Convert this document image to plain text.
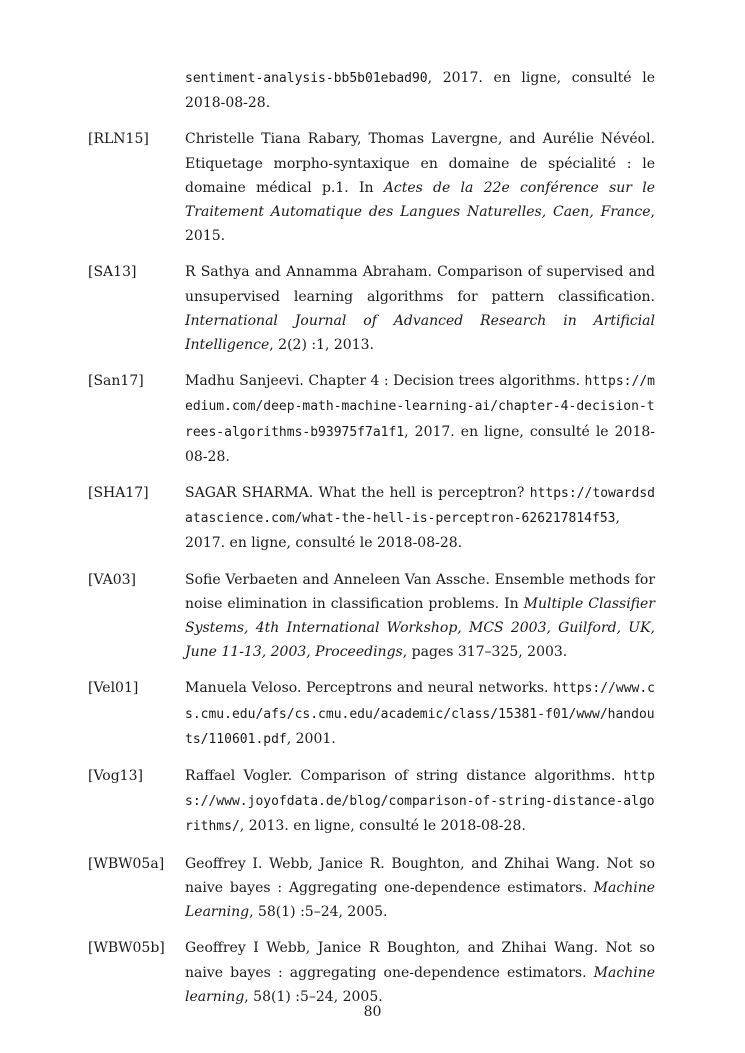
sentiment-analysis-bb5b01ebad90, 2017. en ligne, consulté le 2018-08-28.
[RLN15]	Christelle Tiana Rabary, Thomas Lavergne, and Aurélie Névéol. Etiquetage morpho-syntaxique en domaine de spécialité : le domaine médical p.1. In Actes de la 22e conférence sur le Traitement Automatique des Langues Naturelles, Caen, France, 2015.
[SA13]	R Sathya and Annamma Abraham. Comparison of supervised and unsupervised learning algorithms for pattern classification. International Journal of Advanced Research in Artificial Intelligence, 2(2) :1, 2013.
[San17]	Madhu Sanjeevi. Chapter 4 : Decision trees algorithms. https://medium.com/deep-math-machine-learning-ai/chapter-4-decision-trees-algorithms-b93975f7a1f1, 2017. en ligne, consulté le 2018-08-28.
[SHA17]	SAGAR SHARMA. What the hell is perceptron? https://towardsdatascience.com/what-the-hell-is-perceptron-626217814f53, 2017. en ligne, consulté le 2018-08-28.
[VA03]	Sofie Verbaeten and Anneleen Van Assche. Ensemble methods for noise elimination in classification problems. In Multiple Classifier Systems, 4th International Workshop, MCS 2003, Guilford, UK, June 11-13, 2003, Proceedings, pages 317–325, 2003.
[Vel01]	Manuela Veloso. Perceptrons and neural networks. https://www.cs.cmu.edu/afs/cs.cmu.edu/academic/class/15381-f01/www/handouts/110601.pdf, 2001.
[Vog13]	Raffael Vogler. Comparison of string distance algorithms. https://www.joyofdata.de/blog/comparison-of-string-distance-algorithms/, 2013. en ligne, consulté le 2018-08-28.
[WBW05a]	Geoffrey I. Webb, Janice R. Boughton, and Zhihai Wang. Not so naive bayes : Aggregating one-dependence estimators. Machine Learning, 58(1) :5–24, 2005.
[WBW05b]	Geoffrey I Webb, Janice R Boughton, and Zhihai Wang. Not so naive bayes : aggregating one-dependence estimators. Machine learning, 58(1) :5–24, 2005.
80
